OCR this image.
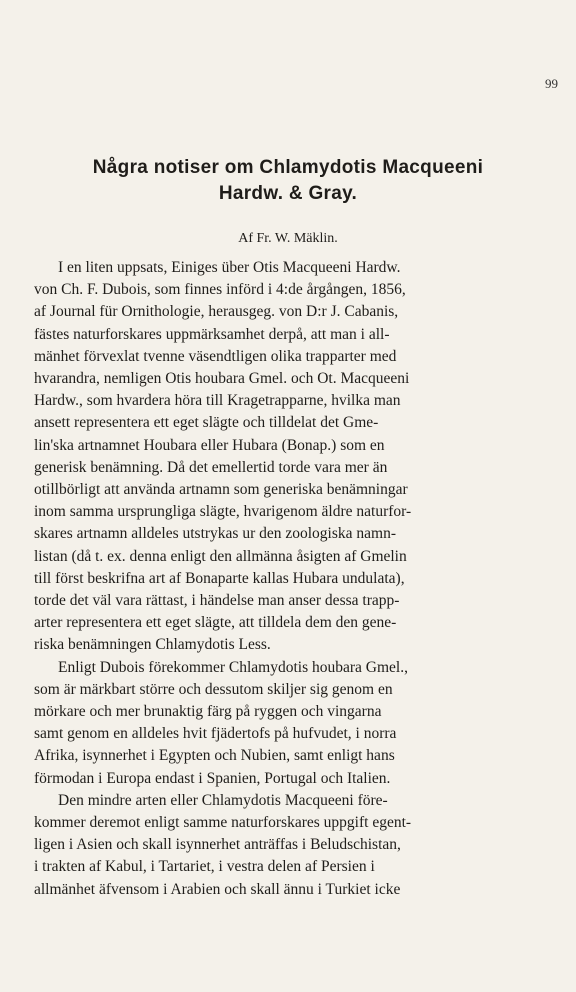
99
Några notiser om Chlamydotis Macqueeni
Hardw. & Gray.
Af Fr. W. Mäklin.
I en liten uppsats, Einiges über Otis Macqueeni Hardw.
von Ch. F. Dubois, som finnes införd i 4:de årgången, 1856,
af Journal für Ornithologie, herausgeg. von D:r J. Cabanis,
fästes naturforskares uppmärksamhet derpå, att man i all-
mänhet förvexlat tvenne väsendtligen olika trapparter med
hvarandra, nemligen Otis houbara Gmel. och Ot. Macqueeni
Hardw., som hvardera höra till Kragetrapparne, hvilka man
ansett representera ett eget slägte och tilldelat det Gme-
lin'ska artnamnet Houbara eller Hubara (Bonap.) som en
generisk benämning. Då det emellertid torde vara mer än
otillbörligt att använda artnamn som generiska benämningar
inom samma ursprungliga slägte, hvarigenom äldre naturfor-
skares artnamn alldeles utstrykas ur den zoologiska namn-
listan (då t. ex. denna enligt den allmänna åsigten af Gmelin
till först beskrifna art af Bonaparte kallas Hubara undulata),
torde det väl vara rättast, i händelse man anser dessa trapp-
arter representera ett eget slägte, att tilldela dem den gene-
riska benämningen Chlamydotis Less.
Enligt Dubois förekommer Chlamydotis houbara Gmel.,
som är märkbart större och dessutom skiljer sig genom en
mörkare och mer brunaktig färg på ryggen och vingarna
samt genom en alldeles hvit fjädertofs på hufvudet, i norra
Afrika, isynnerhet i Egypten och Nubien, samt enligt hans
förmodan i Europa endast i Spanien, Portugal och Italien.
Den mindre arten eller Chlamydotis Macqueeni före-
kommer deremot enligt samme naturforskares uppgift egent-
ligen i Asien och skall isynnerhet anträffas i Beludschistan,
i trakten af Kabul, i Tartariet, i vestra delen af Persien i
allmänhet äfvensom i Arabien och skall ännu i Turkiet icke
